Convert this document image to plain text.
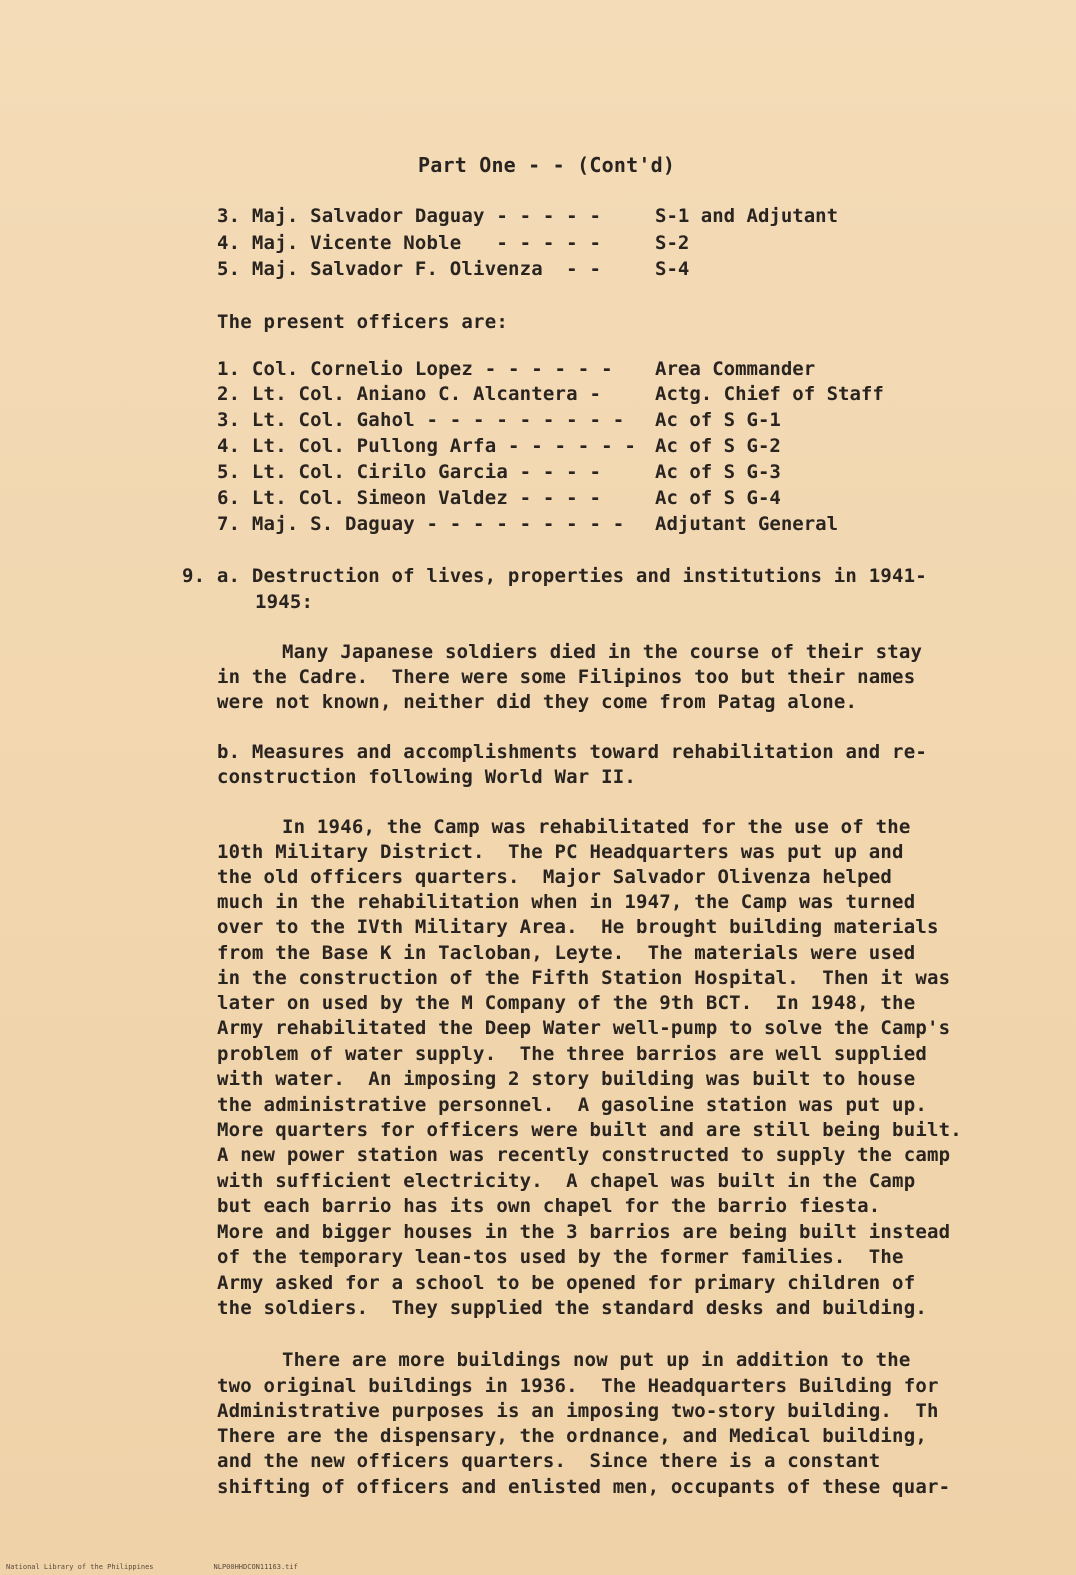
Part One - - (Cont'd)
3. Maj. Salvador Daguay - - - - -	S-1 and Adjutant
4. Maj. Vicente Noble   - - - - -	S-2
5. Maj. Salvador F. Olivenza  - -	S-4
The present officers are:
1. Col. Cornelio Lopez - - - - - - Area Commander
2. Lt. Col. Aniano C. Alcantera -	Actg. Chief of Staff
3. Lt. Col. Gahol - - - - - - - - - Ac of S G-1
4. Lt. Col. Pullong Arfa - - - - - - Ac of S G-2
5. Lt. Col. Cirilo Garcia - - - -	Ac of S G-3
6. Lt. Col. Simeon Valdez - - - -	Ac of S G-4
7. Maj. S. Daguay - - - - - - - - - Adjutant General
9. a. Destruction of lives, properties and institutions in 1941-
1945:
Many Japanese soldiers died in the course of their stay
in the Cadre.  There were some Filipinos too but their names
were not known, neither did they come from Patag alone.
b. Measures and accomplishments toward rehabilitation and re-
construction following World War II.
In 1946, the Camp was rehabilitated for the use of the
10th Military District.  The PC Headquarters was put up and
the old officers quarters.  Major Salvador Olivenza helped
much in the rehabilitation when in 1947, the Camp was turned
over to the IVth Military Area.  He brought building materials
from the Base K in Tacloban, Leyte.  The materials were used
in the construction of the Fifth Station Hospital.  Then it was
later on used by the M Company of the 9th BCT.  In 1948, the
Army rehabilitated the Deep Water well-pump to solve the Camp's
problem of water supply.  The three barrios are well supplied
with water.  An imposing 2 story building was built to house
the administrative personnel.  A gasoline station was put up.
More quarters for officers were built and are still being built.
A new power station was recently constructed to supply the camp
with sufficient electricity.  A chapel was built in the Camp
but each barrio has its own chapel for the barrio fiesta.
More and bigger houses in the 3 barrios are being built instead
of the temporary lean-tos used by the former families.  The
Army asked for a school to be opened for primary children of
the soldiers.  They supplied the standard desks and building.
There are more buildings now put up in addition to the
two original buildings in 1936.  The Headquarters Building for
Administrative purposes is an imposing two-story building.  Th
There are the dispensary, the ordnance, and Medical building,
and the new officers quarters.  Since there is a constant
shifting of officers and enlisted men, occupants of these quar-
National Library of the Philippines	NLP00HHDCON11163.tif
